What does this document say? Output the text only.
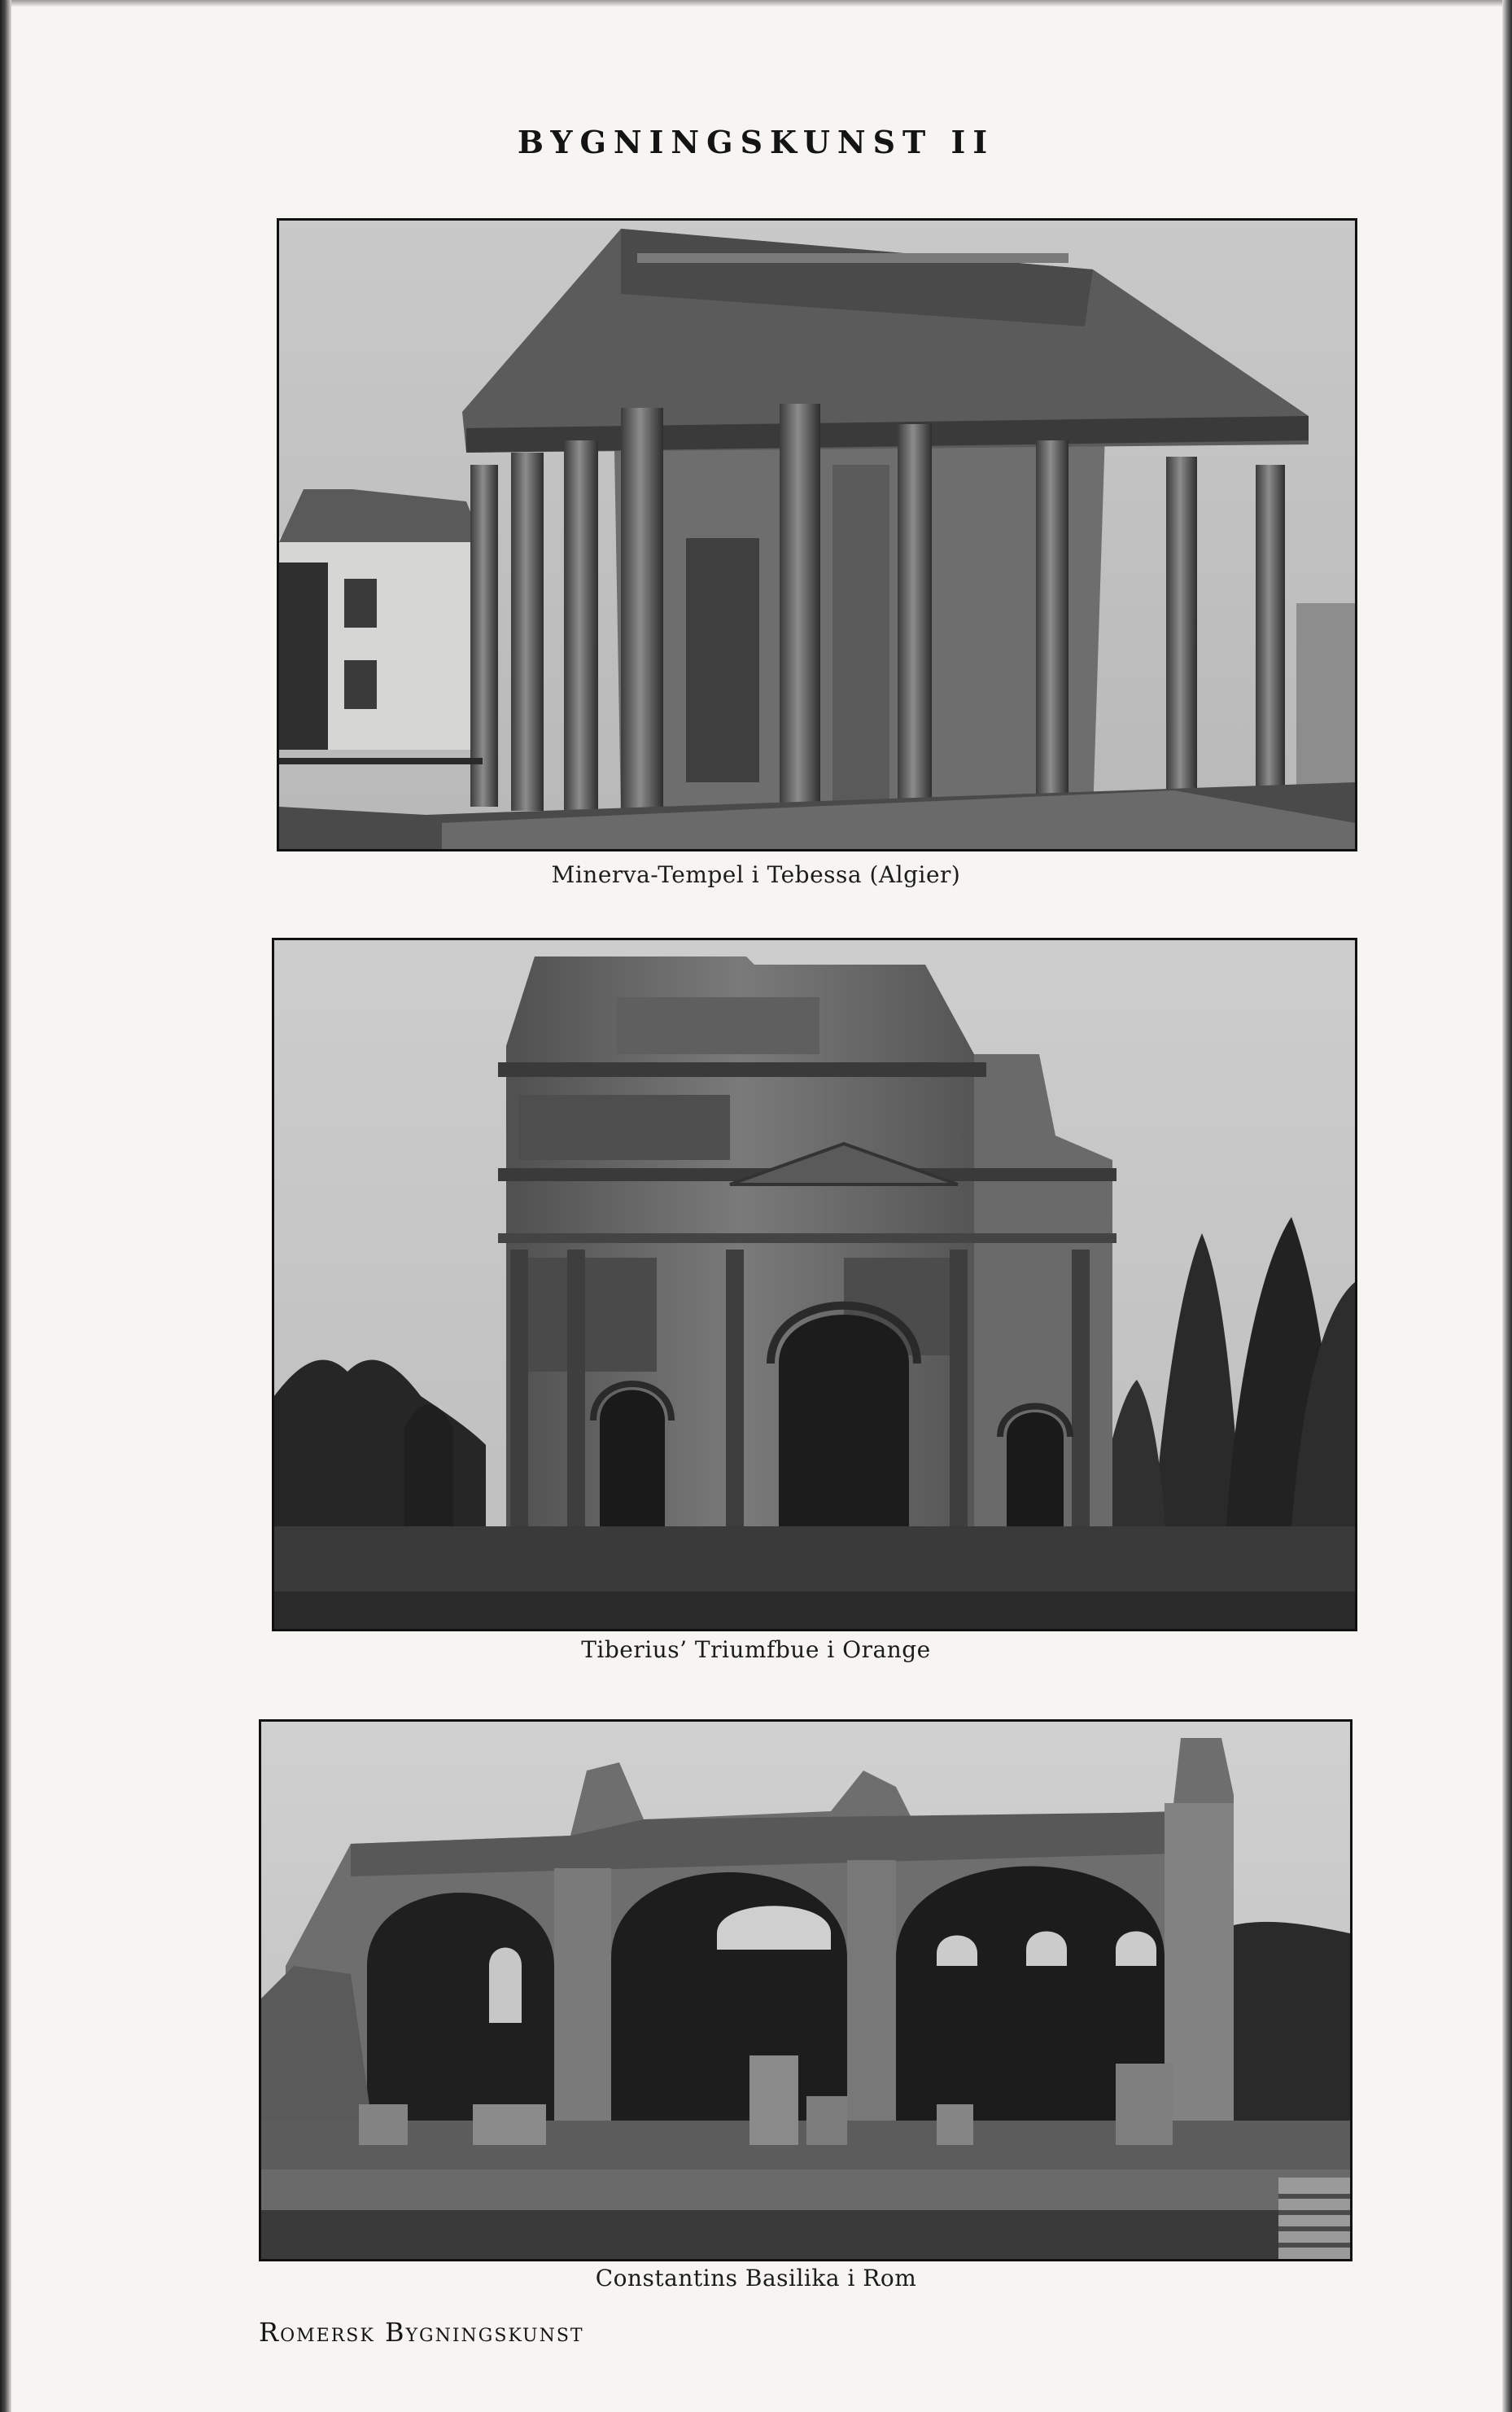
BYGNINGSKUNST II
Minerva-Tempel i Tebessa (Algier)
Tiberius’ Triumfbue i Orange
Constantins Basilika i Rom
Romersk Bygningskunst
